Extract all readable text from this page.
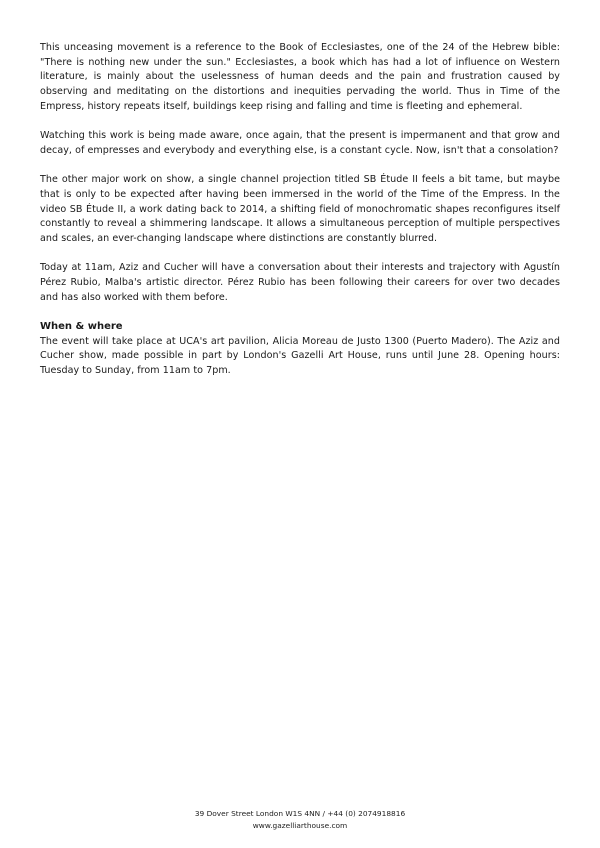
This unceasing movement is a reference to the Book of Ecclesiastes, one of the 24 of the Hebrew bible: "There is nothing new under the sun." Ecclesiastes, a book which has had a lot of influence on Western literature, is mainly about the uselessness of human deeds and the pain and frustration caused by observing and meditating on the distortions and inequities pervading the world. Thus in Time of the Empress, history repeats itself, buildings keep rising and falling and time is fleeting and ephemeral.

Watching this work is being made aware, once again, that the present is impermanent and that grow and decay, of empresses and everybody and everything else, is a constant cycle. Now, isn't that a consolation?

The other major work on show, a single channel projection titled SB Étude II feels a bit tame, but maybe that is only to be expected after having been immersed in the world of the Time of the Empress. In the video SB Étude II, a work dating back to 2014, a shifting field of monochromatic shapes reconfigures itself constantly to reveal a shimmering landscape. It allows a simultaneous perception of multiple perspectives and scales, an ever-changing landscape where distinctions are constantly blurred.

Today at 11am, Aziz and Cucher will have a conversation about their interests and trajectory with Agustín Pérez Rubio, Malba's artistic director. Pérez Rubio has been following their careers for over two decades and has also worked with them before.

When & where

The event will take place at UCA's art pavilion, Alicia Moreau de Justo 1300 (Puerto Madero). The Aziz and Cucher show, made possible in part by London's Gazelli Art House, runs until June 28. Opening hours: Tuesday to Sunday, from 11am to 7pm.

39 Dover Street London W1S 4NN / +44 (0) 2074918816
www.gazelliarthouse.com
